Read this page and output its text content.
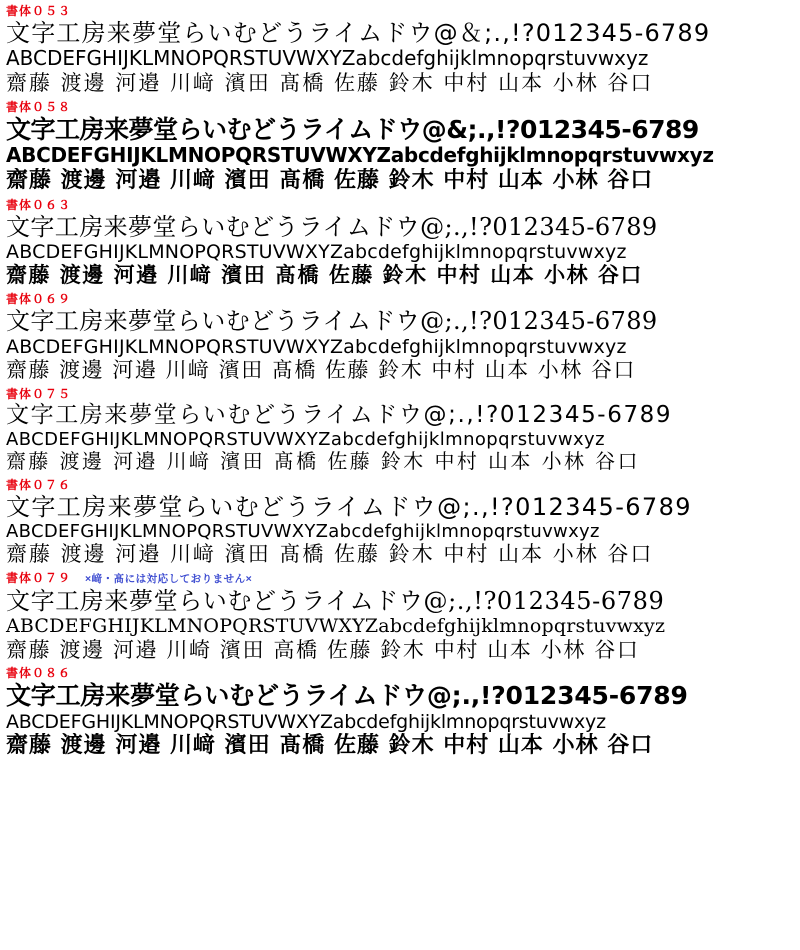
書体０５３
文字工房来夢堂らいむどうライムドウ@＆;.,!?012345-6789
ABCDEFGHIJKLMNOPQRSTUVWXYZabcdefghijklmnopqrstuvwxyz
齋藤 渡邊 河邉 川﨑 濱田 髙橋 佐藤 鈴木 中村 山本 小林 谷口
書体０５８
文字工房来夢堂らいむどうライムドウ@&;.,!?012345-6789
ABCDEFGHIJKLMNOPQRSTUVWXYZabcdefghijklmnopqrstuvwxyz
齋藤 渡邊 河邉 川﨑 濱田 髙橋 佐藤 鈴木 中村 山本 小林 谷口
書体０６３
文字工房来夢堂らいむどうライムドウ@;.,!?012345-6789
ABCDEFGHIJKLMNOPQRSTUVWXYZabcdefghijklmnopqrstuvwxyz
齋藤 渡邊 河邉 川﨑 濱田 髙橋 佐藤 鈴木 中村 山本 小林 谷口
書体０６９
文字工房来夢堂らいむどうライムドウ@;.,!?012345-6789
ABCDEFGHIJKLMNOPQRSTUVWXYZabcdefghijklmnopqrstuvwxyz
齋藤 渡邊 河邉 川﨑 濱田 髙橋 佐藤 鈴木 中村 山本 小林 谷口
書体０７５
文字工房来夢堂らいむどうライムドウ@;.,!?012345-6789
ABCDEFGHIJKLMNOPQRSTUVWXYZabcdefghijklmnopqrstuvwxyz
齋藤 渡邊 河邉 川﨑 濱田 髙橋 佐藤 鈴木 中村 山本 小林 谷口
書体０７６
文字工房来夢堂らいむどうライムドウ@;.,!?012345-6789
ABCDEFGHIJKLMNOPQRSTUVWXYZabcdefghijklmnopqrstuvwxyz
齋藤 渡邊 河邉 川﨑 濱田 髙橋 佐藤 鈴木 中村 山本 小林 谷口
書体０７９ ×﨑・髙には対応しておりません×
文字工房来夢堂らいむどうライムドウ@;.,!?012345-6789
ABCDEFGHIJKLMNOPQRSTUVWXYZabcdefghijklmnopqrstuvwxyz
齋藤 渡邊 河邉 川崎 濱田 高橋 佐藤 鈴木 中村 山本 小林 谷口
書体０８６
文字工房来夢堂らいむどうライムドウ@;.,!?012345-6789
ABCDEFGHIJKLMNOPQRSTUVWXYZabcdefghijklmnopqrstuvwxyz
齋藤 渡邊 河邉 川﨑 濱田 髙橋 佐藤 鈴木 中村 山本 小林 谷口
